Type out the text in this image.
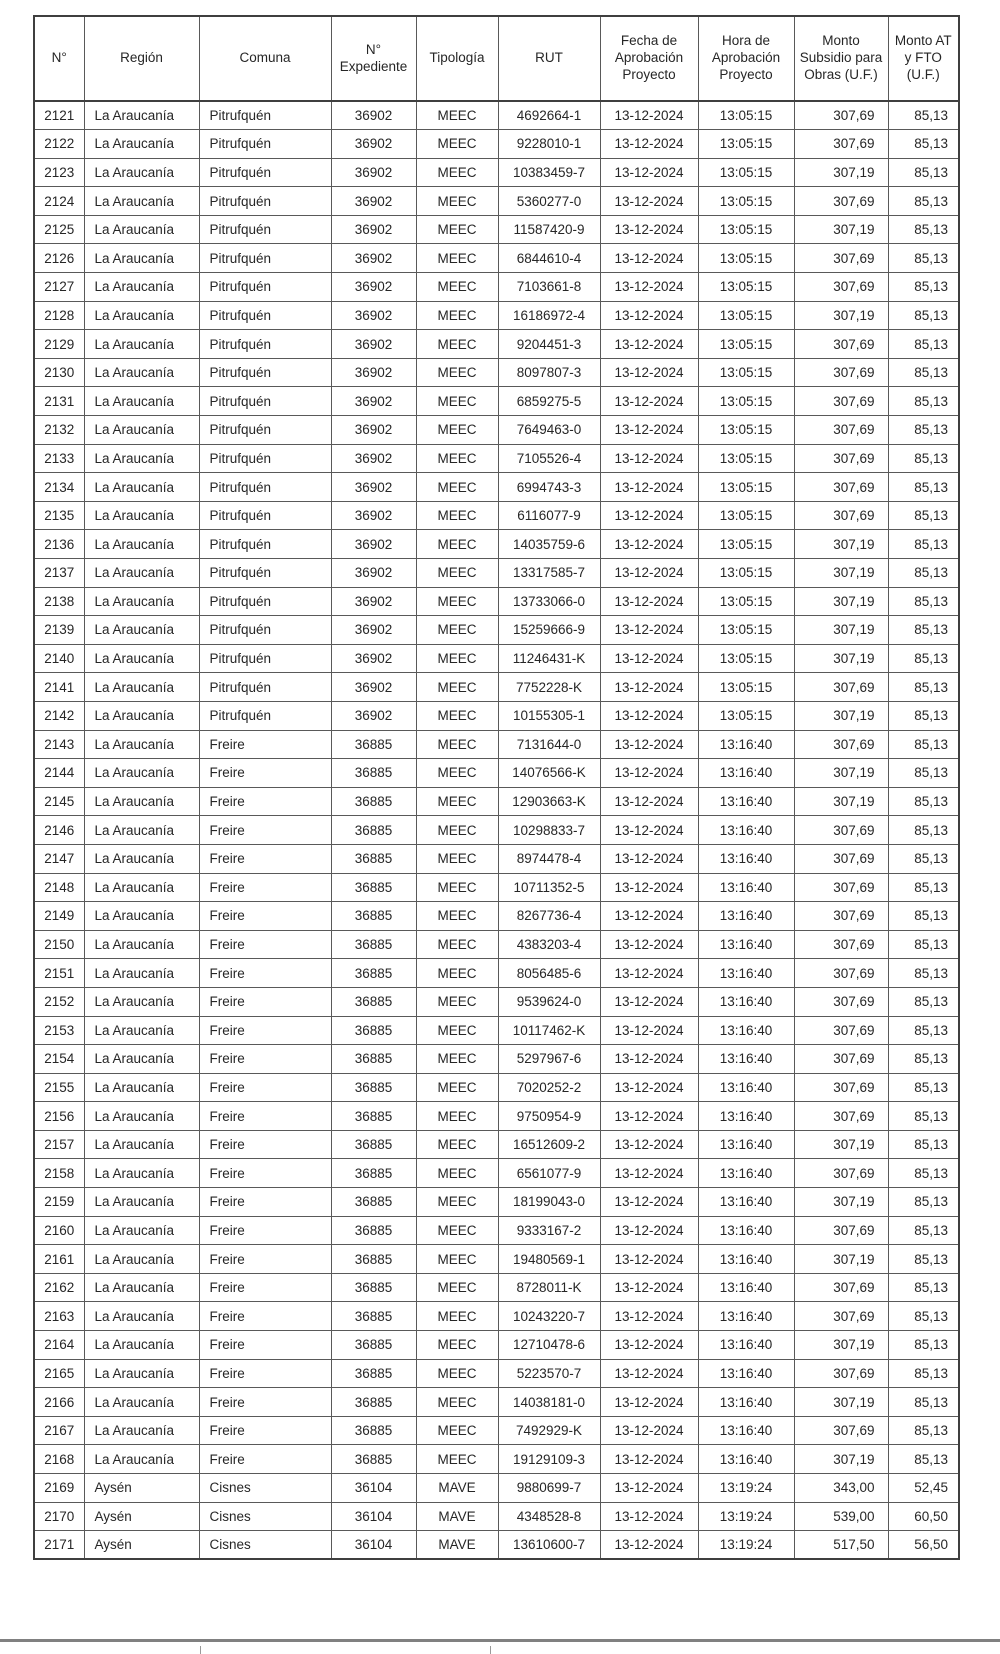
N°	Región	Comuna	N° Expediente	Tipología	RUT	Fecha de Aprobación Proyecto	Hora de Aprobación Proyecto	Monto Subsidio para Obras (U.F.)	Monto AT y FTO (U.F.)
2121	La Araucanía	Pitrufquén	36902	MEEC	4692664-1	13-12-2024	13:05:15	307,69	85,13
2122	La Araucanía	Pitrufquén	36902	MEEC	9228010-1	13-12-2024	13:05:15	307,69	85,13
2123	La Araucanía	Pitrufquén	36902	MEEC	10383459-7	13-12-2024	13:05:15	307,19	85,13
2124	La Araucanía	Pitrufquén	36902	MEEC	5360277-0	13-12-2024	13:05:15	307,69	85,13
2125	La Araucanía	Pitrufquén	36902	MEEC	11587420-9	13-12-2024	13:05:15	307,19	85,13
2126	La Araucanía	Pitrufquén	36902	MEEC	6844610-4	13-12-2024	13:05:15	307,69	85,13
2127	La Araucanía	Pitrufquén	36902	MEEC	7103661-8	13-12-2024	13:05:15	307,69	85,13
2128	La Araucanía	Pitrufquén	36902	MEEC	16186972-4	13-12-2024	13:05:15	307,19	85,13
2129	La Araucanía	Pitrufquén	36902	MEEC	9204451-3	13-12-2024	13:05:15	307,69	85,13
2130	La Araucanía	Pitrufquén	36902	MEEC	8097807-3	13-12-2024	13:05:15	307,69	85,13
2131	La Araucanía	Pitrufquén	36902	MEEC	6859275-5	13-12-2024	13:05:15	307,69	85,13
2132	La Araucanía	Pitrufquén	36902	MEEC	7649463-0	13-12-2024	13:05:15	307,69	85,13
2133	La Araucanía	Pitrufquén	36902	MEEC	7105526-4	13-12-2024	13:05:15	307,69	85,13
2134	La Araucanía	Pitrufquén	36902	MEEC	6994743-3	13-12-2024	13:05:15	307,69	85,13
2135	La Araucanía	Pitrufquén	36902	MEEC	6116077-9	13-12-2024	13:05:15	307,69	85,13
2136	La Araucanía	Pitrufquén	36902	MEEC	14035759-6	13-12-2024	13:05:15	307,19	85,13
2137	La Araucanía	Pitrufquén	36902	MEEC	13317585-7	13-12-2024	13:05:15	307,19	85,13
2138	La Araucanía	Pitrufquén	36902	MEEC	13733066-0	13-12-2024	13:05:15	307,19	85,13
2139	La Araucanía	Pitrufquén	36902	MEEC	15259666-9	13-12-2024	13:05:15	307,19	85,13
2140	La Araucanía	Pitrufquén	36902	MEEC	11246431-K	13-12-2024	13:05:15	307,19	85,13
2141	La Araucanía	Pitrufquén	36902	MEEC	7752228-K	13-12-2024	13:05:15	307,69	85,13
2142	La Araucanía	Pitrufquén	36902	MEEC	10155305-1	13-12-2024	13:05:15	307,19	85,13
2143	La Araucanía	Freire	36885	MEEC	7131644-0	13-12-2024	13:16:40	307,69	85,13
2144	La Araucanía	Freire	36885	MEEC	14076566-K	13-12-2024	13:16:40	307,19	85,13
2145	La Araucanía	Freire	36885	MEEC	12903663-K	13-12-2024	13:16:40	307,19	85,13
2146	La Araucanía	Freire	36885	MEEC	10298833-7	13-12-2024	13:16:40	307,69	85,13
2147	La Araucanía	Freire	36885	MEEC	8974478-4	13-12-2024	13:16:40	307,69	85,13
2148	La Araucanía	Freire	36885	MEEC	10711352-5	13-12-2024	13:16:40	307,69	85,13
2149	La Araucanía	Freire	36885	MEEC	8267736-4	13-12-2024	13:16:40	307,69	85,13
2150	La Araucanía	Freire	36885	MEEC	4383203-4	13-12-2024	13:16:40	307,69	85,13
2151	La Araucanía	Freire	36885	MEEC	8056485-6	13-12-2024	13:16:40	307,69	85,13
2152	La Araucanía	Freire	36885	MEEC	9539624-0	13-12-2024	13:16:40	307,69	85,13
2153	La Araucanía	Freire	36885	MEEC	10117462-K	13-12-2024	13:16:40	307,69	85,13
2154	La Araucanía	Freire	36885	MEEC	5297967-6	13-12-2024	13:16:40	307,69	85,13
2155	La Araucanía	Freire	36885	MEEC	7020252-2	13-12-2024	13:16:40	307,69	85,13
2156	La Araucanía	Freire	36885	MEEC	9750954-9	13-12-2024	13:16:40	307,69	85,13
2157	La Araucanía	Freire	36885	MEEC	16512609-2	13-12-2024	13:16:40	307,19	85,13
2158	La Araucanía	Freire	36885	MEEC	6561077-9	13-12-2024	13:16:40	307,69	85,13
2159	La Araucanía	Freire	36885	MEEC	18199043-0	13-12-2024	13:16:40	307,19	85,13
2160	La Araucanía	Freire	36885	MEEC	9333167-2	13-12-2024	13:16:40	307,69	85,13
2161	La Araucanía	Freire	36885	MEEC	19480569-1	13-12-2024	13:16:40	307,19	85,13
2162	La Araucanía	Freire	36885	MEEC	8728011-K	13-12-2024	13:16:40	307,69	85,13
2163	La Araucanía	Freire	36885	MEEC	10243220-7	13-12-2024	13:16:40	307,69	85,13
2164	La Araucanía	Freire	36885	MEEC	12710478-6	13-12-2024	13:16:40	307,19	85,13
2165	La Araucanía	Freire	36885	MEEC	5223570-7	13-12-2024	13:16:40	307,69	85,13
2166	La Araucanía	Freire	36885	MEEC	14038181-0	13-12-2024	13:16:40	307,19	85,13
2167	La Araucanía	Freire	36885	MEEC	7492929-K	13-12-2024	13:16:40	307,69	85,13
2168	La Araucanía	Freire	36885	MEEC	19129109-3	13-12-2024	13:16:40	307,19	85,13
2169	Aysén	Cisnes	36104	MAVE	9880699-7	13-12-2024	13:19:24	343,00	52,45
2170	Aysén	Cisnes	36104	MAVE	4348528-8	13-12-2024	13:19:24	539,00	60,50
2171	Aysén	Cisnes	36104	MAVE	13610600-7	13-12-2024	13:19:24	517,50	56,50
